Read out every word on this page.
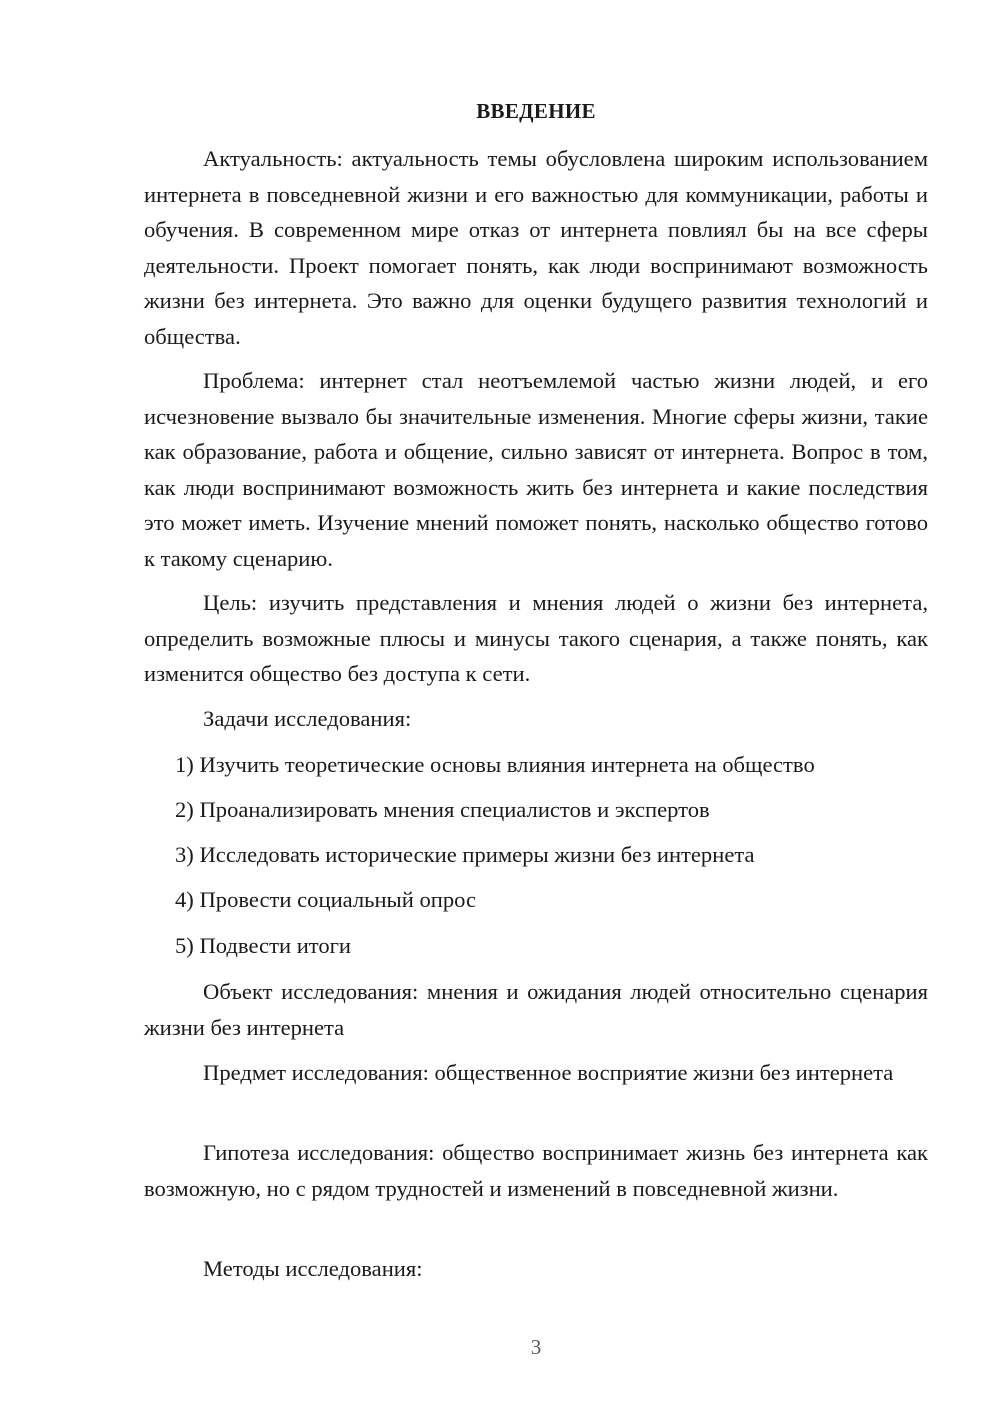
ВВЕДЕНИЕ

Актуальность: актуальность темы обусловлена широким использованием интернета в повседневной жизни и его важностью для коммуникации, работы и обучения. В современном мире отказ от интернета повлиял бы на все сферы деятельности. Проект помогает понять, как люди воспринимают возможность жизни без интернета. Это важно для оценки будущего развития технологий и общества.

Проблема: интернет стал неотъемлемой частью жизни людей, и его исчезновение вызвало бы значительные изменения. Многие сферы жизни, такие как образование, работа и общение, сильно зависят от интернета. Вопрос в том, как люди воспринимают возможность жить без интернета и какие последствия это может иметь. Изучение мнений поможет понять, насколько общество готово к такому сценарию.

Цель: изучить представления и мнения людей о жизни без интернета, определить возможные плюсы и минусы такого сценария, а также понять, как изменится общество без доступа к сети.

Задачи исследования:

1) Изучить теоретические основы влияния интернета на общество

2) Проанализировать мнения специалистов и экспертов

3) Исследовать исторические примеры жизни без интернета

4) Провести социальный опрос

5) Подвести итоги

Объект исследования: мнения и ожидания людей относительно сценария жизни без интернета

Предмет исследования: общественное восприятие жизни без интернета

Гипотеза исследования: общество воспринимает жизнь без интернета как возможную, но с рядом трудностей и изменений в повседневной жизни.

Методы исследования:

3
